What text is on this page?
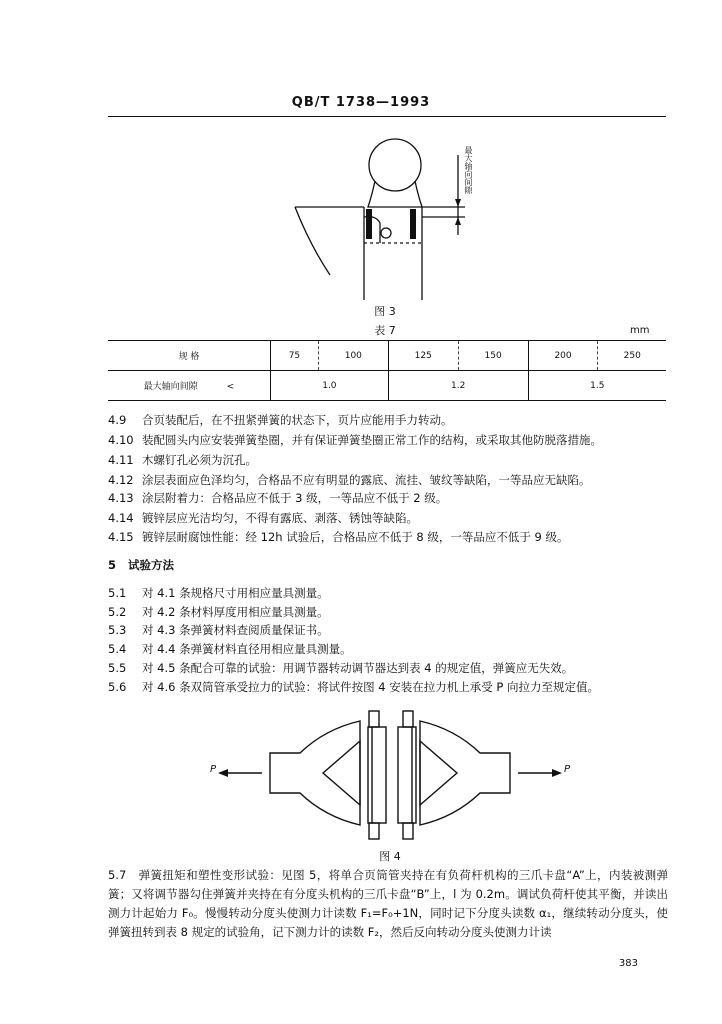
QB/T 1738—1993
最大轴向间隙
图 3
表 7	mm
规 格	75	100	125	150	200	250
最大轴向间隙 <	1.0		1.2		1.5	
4.9 合页装配后，在不扭紧弹簧的状态下，页片应能用手力转动。
4.10 装配圆头内应安装弹簧垫圈，并有保证弹簧垫圈正常工作的结构，或采取其他防脱落措施。
4.11 木螺钉孔必须为沉孔。
4.12 涂层表面应色泽均匀，合格品不应有明显的露底、流挂、皱纹等缺陷，一等品应无缺陷。
4.13 涂层附着力：合格品应不低于 3 级，一等品应不低于 2 级。
4.14 镀锌层应光洁均匀，不得有露底、剥落、锈蚀等缺陷。
4.15 镀锌层耐腐蚀性能：经 12h 试验后，合格品应不低于 8 级，一等品应不低于 9 级。
5 试验方法
5.1 对 4.1 条规格尺寸用相应量具测量。
5.2 对 4.2 条材料厚度用相应量具测量。
5.3 对 4.3 条弹簧材料查阅质量保证书。
5.4 对 4.4 条弹簧材料直径用相应量具测量。
5.5 对 4.5 条配合可靠的试验：用调节器转动调节器达到表 4 的规定值，弹簧应无失效。
5.6 对 4.6 条双筒管承受拉力的试验：将试件按图 4 安装在拉力机上承受 P 向拉力至规定值。
P	P
图 4
5.7　弹簧扭矩和塑性变形试验：见图 5，将单合页筒管夹持在有负荷杆机构的三爪卡盘“A”上，内装被测弹簧；又将调节器勾住弹簧并夹持在有分度头机构的三爪卡盘“B”上，l 为 0.2m。调试负荷杆使其平衡，并读出测力计起始力 F₀。慢慢转动分度头使测力计读数 F₁=F₀+1N，同时记下分度头读数 α₁，继续转动分度头，使弹簧扭转到表 8 规定的试验角，记下测力计的读数 F₂，然后反向转动分度头使测力计读
383
